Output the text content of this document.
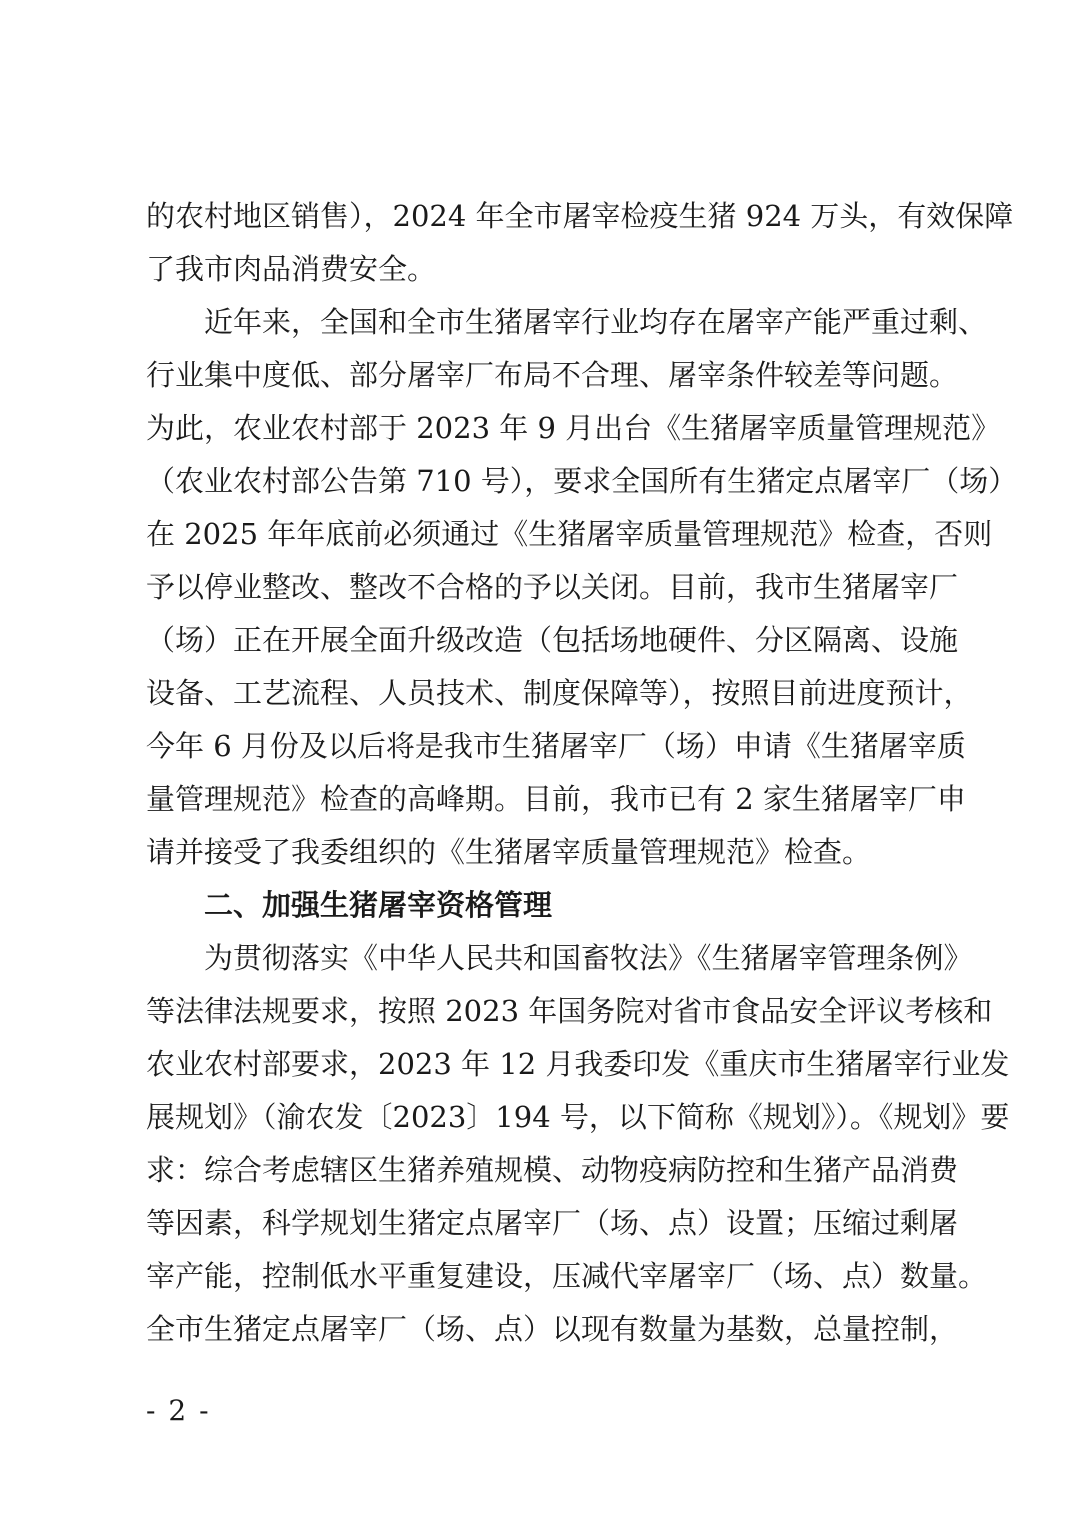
的农村地区销售），2024 年全市屠宰检疫生猪 924 万头，有效保障
了我市肉品消费安全。
近年来，全国和全市生猪屠宰行业均存在屠宰产能严重过剩、
行业集中度低、部分屠宰厂布局不合理、屠宰条件较差等问题。
为此，农业农村部于 2023 年 9 月出台《生猪屠宰质量管理规范》
（农业农村部公告第 710 号），要求全国所有生猪定点屠宰厂（场）
在 2025 年年底前必须通过《生猪屠宰质量管理规范》检查，否则
予以停业整改、整改不合格的予以关闭。目前，我市生猪屠宰厂
（场）正在开展全面升级改造（包括场地硬件、分区隔离、设施
设备、工艺流程、人员技术、制度保障等），按照目前进度预计，
今年 6 月份及以后将是我市生猪屠宰厂（场）申请《生猪屠宰质
量管理规范》检查的高峰期。目前，我市已有 2 家生猪屠宰厂申
请并接受了我委组织的《生猪屠宰质量管理规范》检查。
二、加强生猪屠宰资格管理
为贯彻落实《中华人民共和国畜牧法》《生猪屠宰管理条例》
等法律法规要求，按照 2023 年国务院对省市食品安全评议考核和
农业农村部要求，2023 年 12 月我委印发《重庆市生猪屠宰行业发
展规划》（渝农发〔2023〕194 号，以下简称《规划》）。《规划》要
求：综合考虑辖区生猪养殖规模、动物疫病防控和生猪产品消费
等因素，科学规划生猪定点屠宰厂（场、点）设置；压缩过剩屠
宰产能，控制低水平重复建设，压减代宰屠宰厂（场、点）数量。
全市生猪定点屠宰厂（场、点）以现有数量为基数，总量控制，
- 2 -
